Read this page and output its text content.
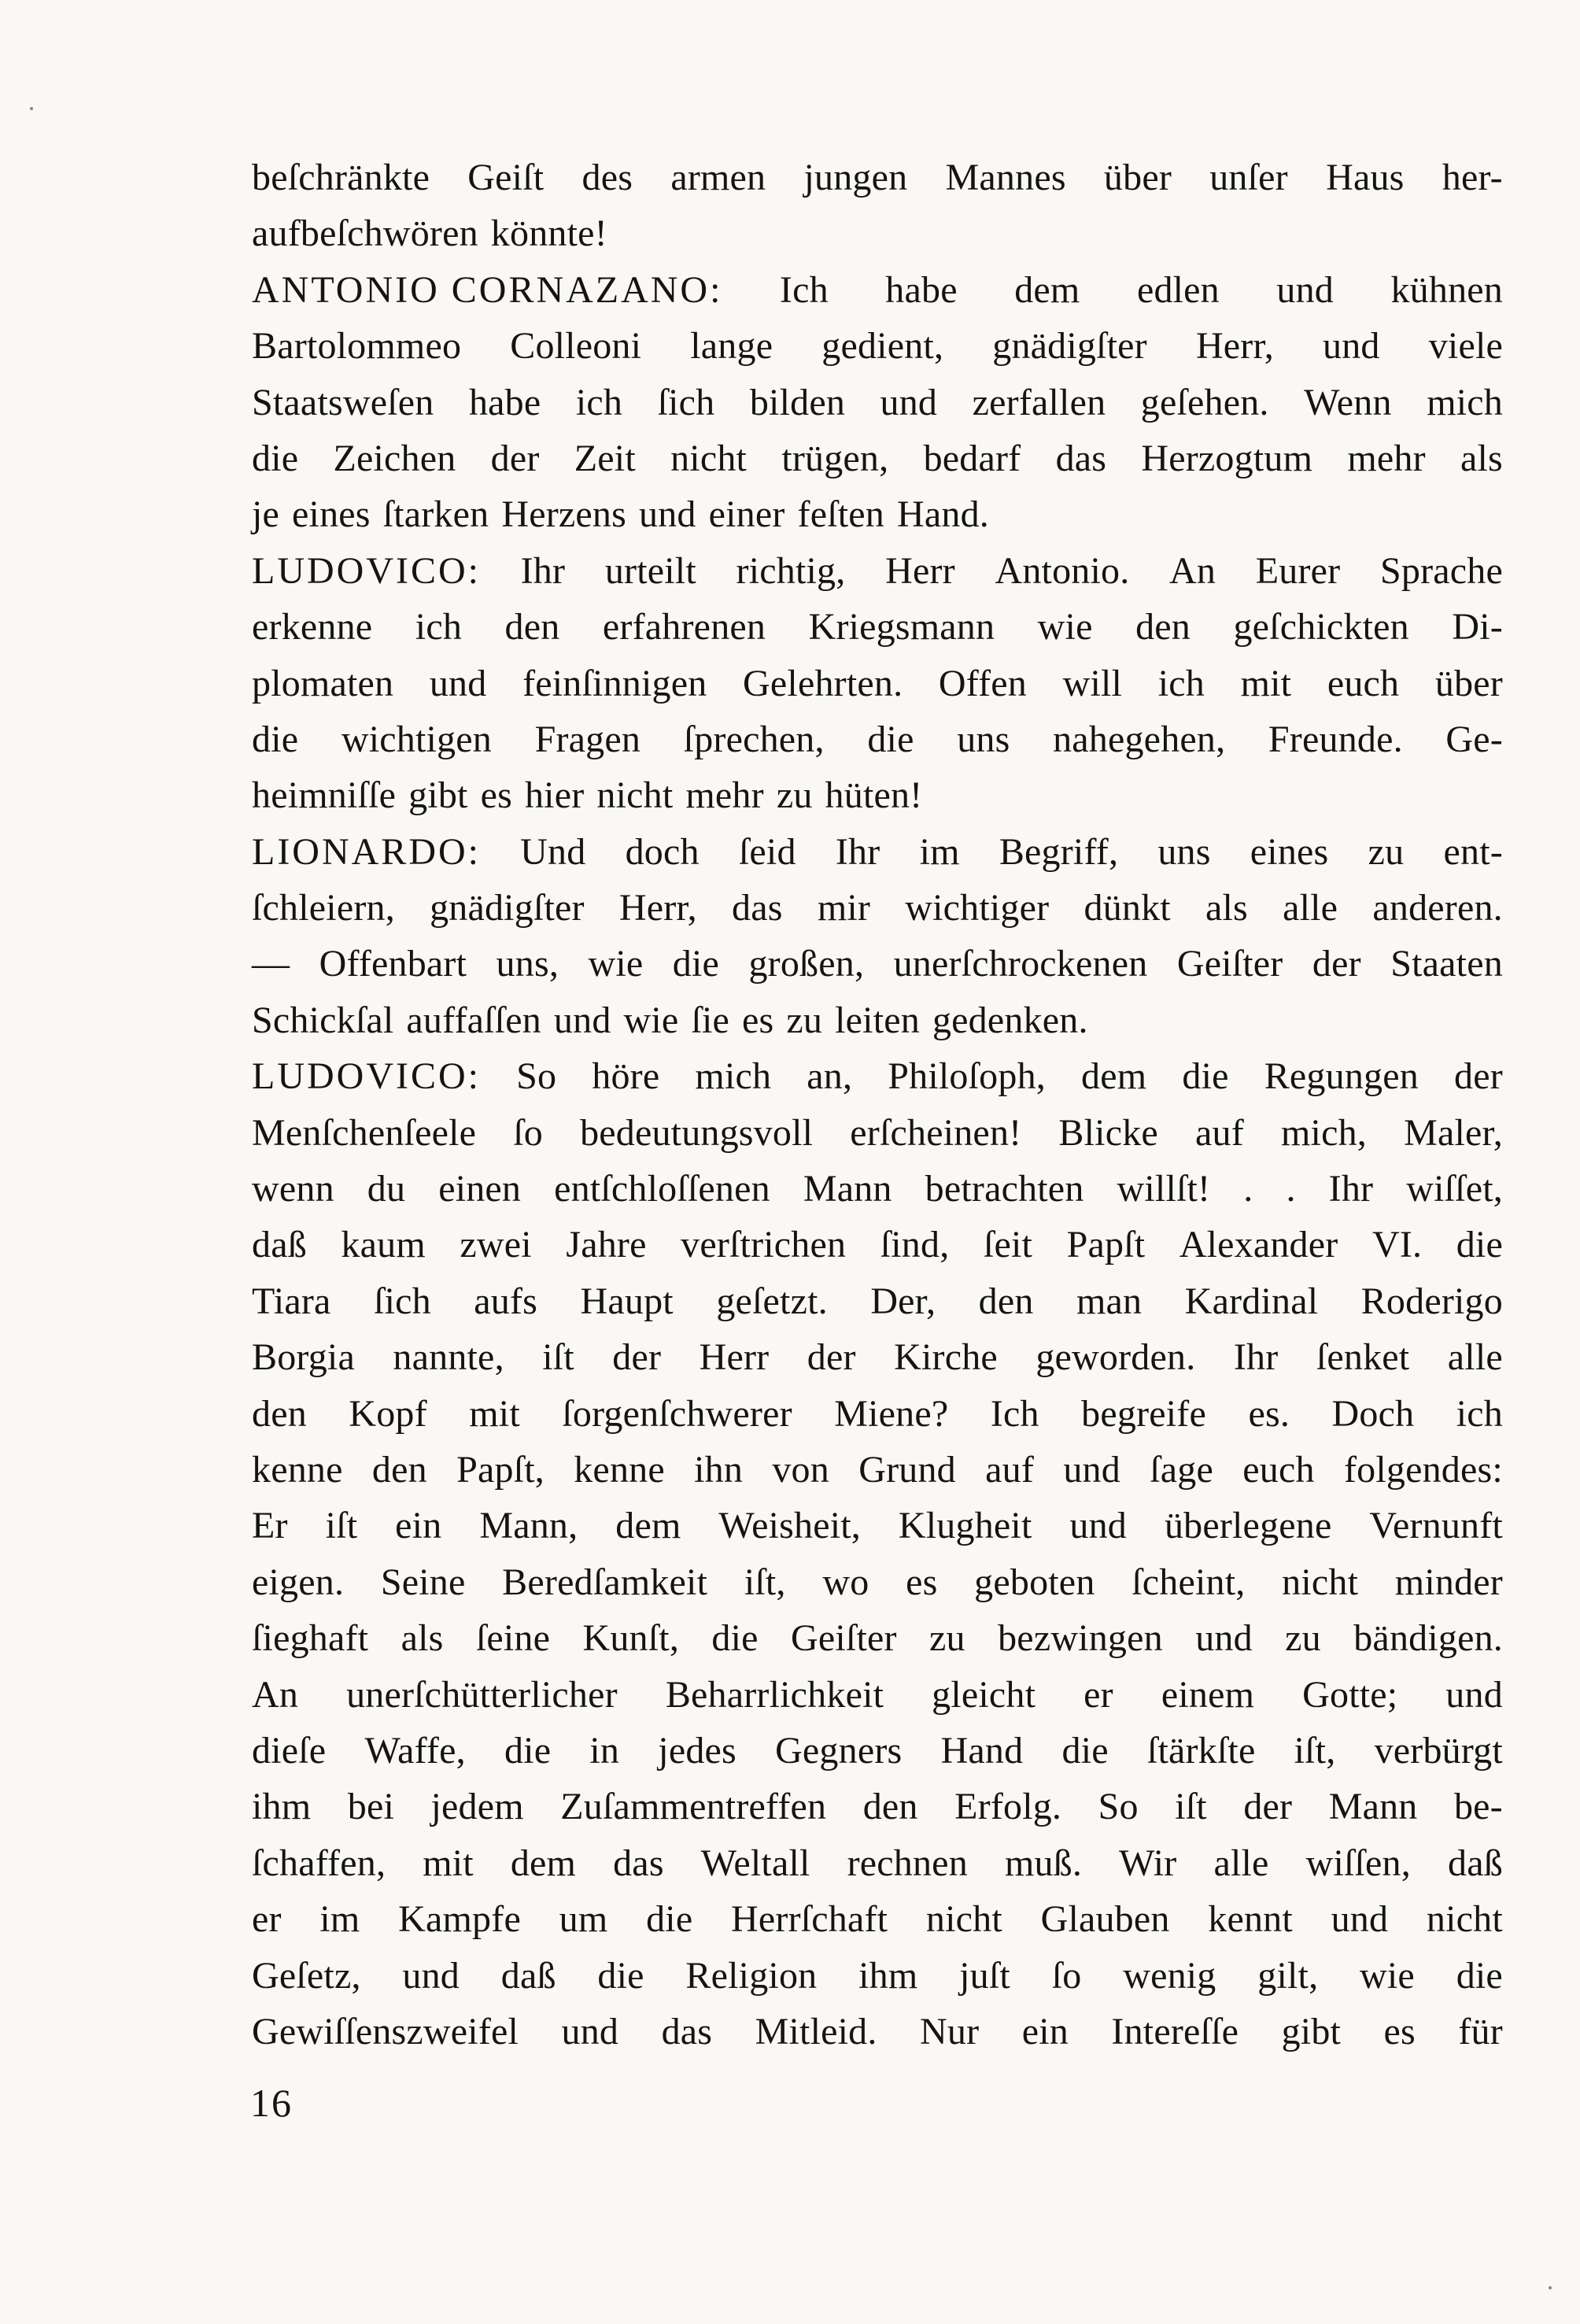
beſchränkte Geiſt des armen jungen Mannes über unſer Haus her-
aufbeſchwören könnte!
ANTONIO CORNAZANO: Ich habe dem edlen und kühnen
Bartolommeo Colleoni lange gedient, gnädigſter Herr, und viele
Staatsweſen habe ich ſich bilden und zerfallen geſehen. Wenn mich
die Zeichen der Zeit nicht trügen, bedarf das Herzogtum mehr als
je eines ſtarken Herzens und einer feſten Hand.
LUDOVICO: Ihr urteilt richtig, Herr Antonio. An Eurer Sprache
erkenne ich den erfahrenen Kriegsmann wie den geſchickten Di-
plomaten und feinſinnigen Gelehrten. Offen will ich mit euch über
die wichtigen Fragen ſprechen, die uns nahegehen, Freunde. Ge-
heimniſſe gibt es hier nicht mehr zu hüten!
LIONARDO: Und doch ſeid Ihr im Begriff, uns eines zu ent-
ſchleiern, gnädigſter Herr, das mir wichtiger dünkt als alle anderen.
— Offenbart uns, wie die großen, unerſchrockenen Geiſter der Staaten
Schickſal auffaſſen und wie ſie es zu leiten gedenken.
LUDOVICO: So höre mich an, Philoſoph, dem die Regungen der
Menſchenſeele ſo bedeutungsvoll erſcheinen! Blicke auf mich, Maler,
wenn du einen entſchloſſenen Mann betrachten willſt! . . Ihr wiſſet,
daß kaum zwei Jahre verſtrichen ſind, ſeit Papſt Alexander VI. die
Tiara ſich aufs Haupt geſetzt. Der, den man Kardinal Roderigo
Borgia nannte, iſt der Herr der Kirche geworden. Ihr ſenket alle
den Kopf mit ſorgenſchwerer Miene? Ich begreife es. Doch ich
kenne den Papſt, kenne ihn von Grund auf und ſage euch folgendes:
Er iſt ein Mann, dem Weisheit, Klugheit und überlegene Vernunft
eigen. Seine Beredſamkeit iſt, wo es geboten ſcheint, nicht minder
ſieghaft als ſeine Kunſt, die Geiſter zu bezwingen und zu bändigen.
An unerſchütterlicher Beharrlichkeit gleicht er einem Gotte; und
dieſe Waffe, die in jedes Gegners Hand die ſtärkſte iſt, verbürgt
ihm bei jedem Zuſammentreffen den Erfolg. So iſt der Mann be-
ſchaffen, mit dem das Weltall rechnen muß. Wir alle wiſſen, daß
er im Kampfe um die Herrſchaft nicht Glauben kennt und nicht
Geſetz, und daß die Religion ihm juſt ſo wenig gilt, wie die
Gewiſſenszweifel und das Mitleid. Nur ein Intereſſe gibt es für
16
